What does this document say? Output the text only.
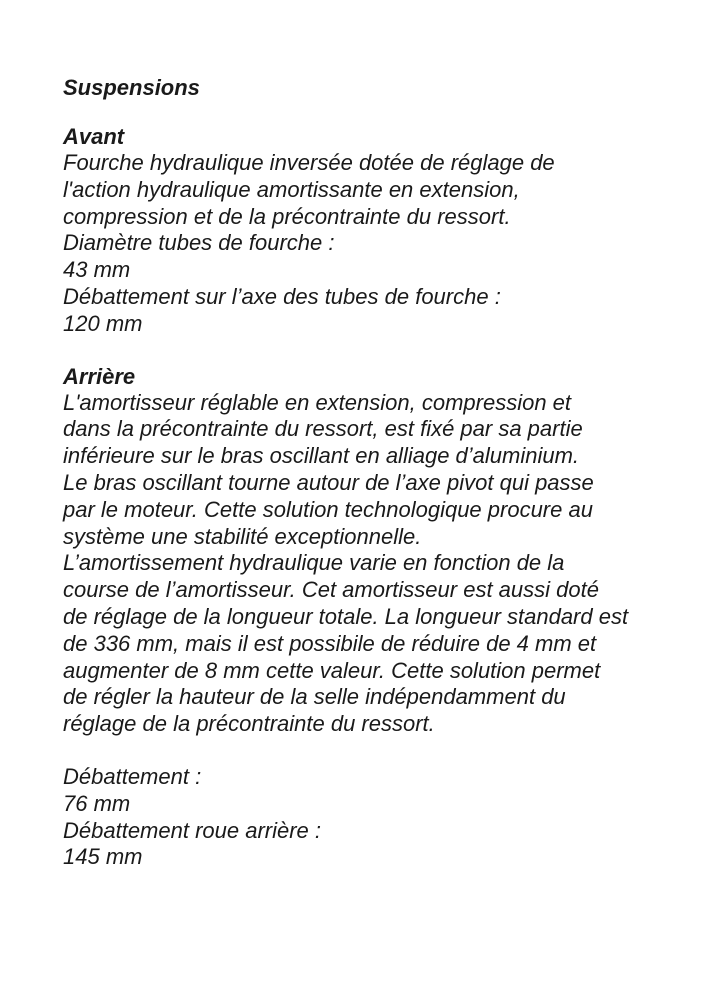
Suspensions
Avant
Fourche hydraulique inversée dotée de réglage de
l'action hydraulique amortissante en extension,
compression et de la précontrainte du ressort.
Diamètre tubes de fourche :
43 mm
Débattement sur l’axe des tubes de fourche :
120 mm
Arrière
L'amortisseur réglable en extension, compression et
dans la précontrainte du ressort, est fixé par sa partie
inférieure sur le bras oscillant en alliage d’aluminium.
Le bras oscillant tourne autour de l’axe pivot qui passe
par le moteur. Cette solution technologique procure au
système une stabilité exceptionnelle.
L’amortissement hydraulique varie en fonction de la
course de l’amortisseur. Cet amortisseur est aussi doté
de réglage de la longueur totale. La longueur standard est
de 336 mm, mais il est possibile de réduire de 4 mm et
augmenter de 8 mm cette valeur. Cette solution permet
de régler la hauteur de la selle indépendamment du
réglage de la précontrainte du ressort.
Débattement :
76 mm
Débattement roue arrière :
145 mm
